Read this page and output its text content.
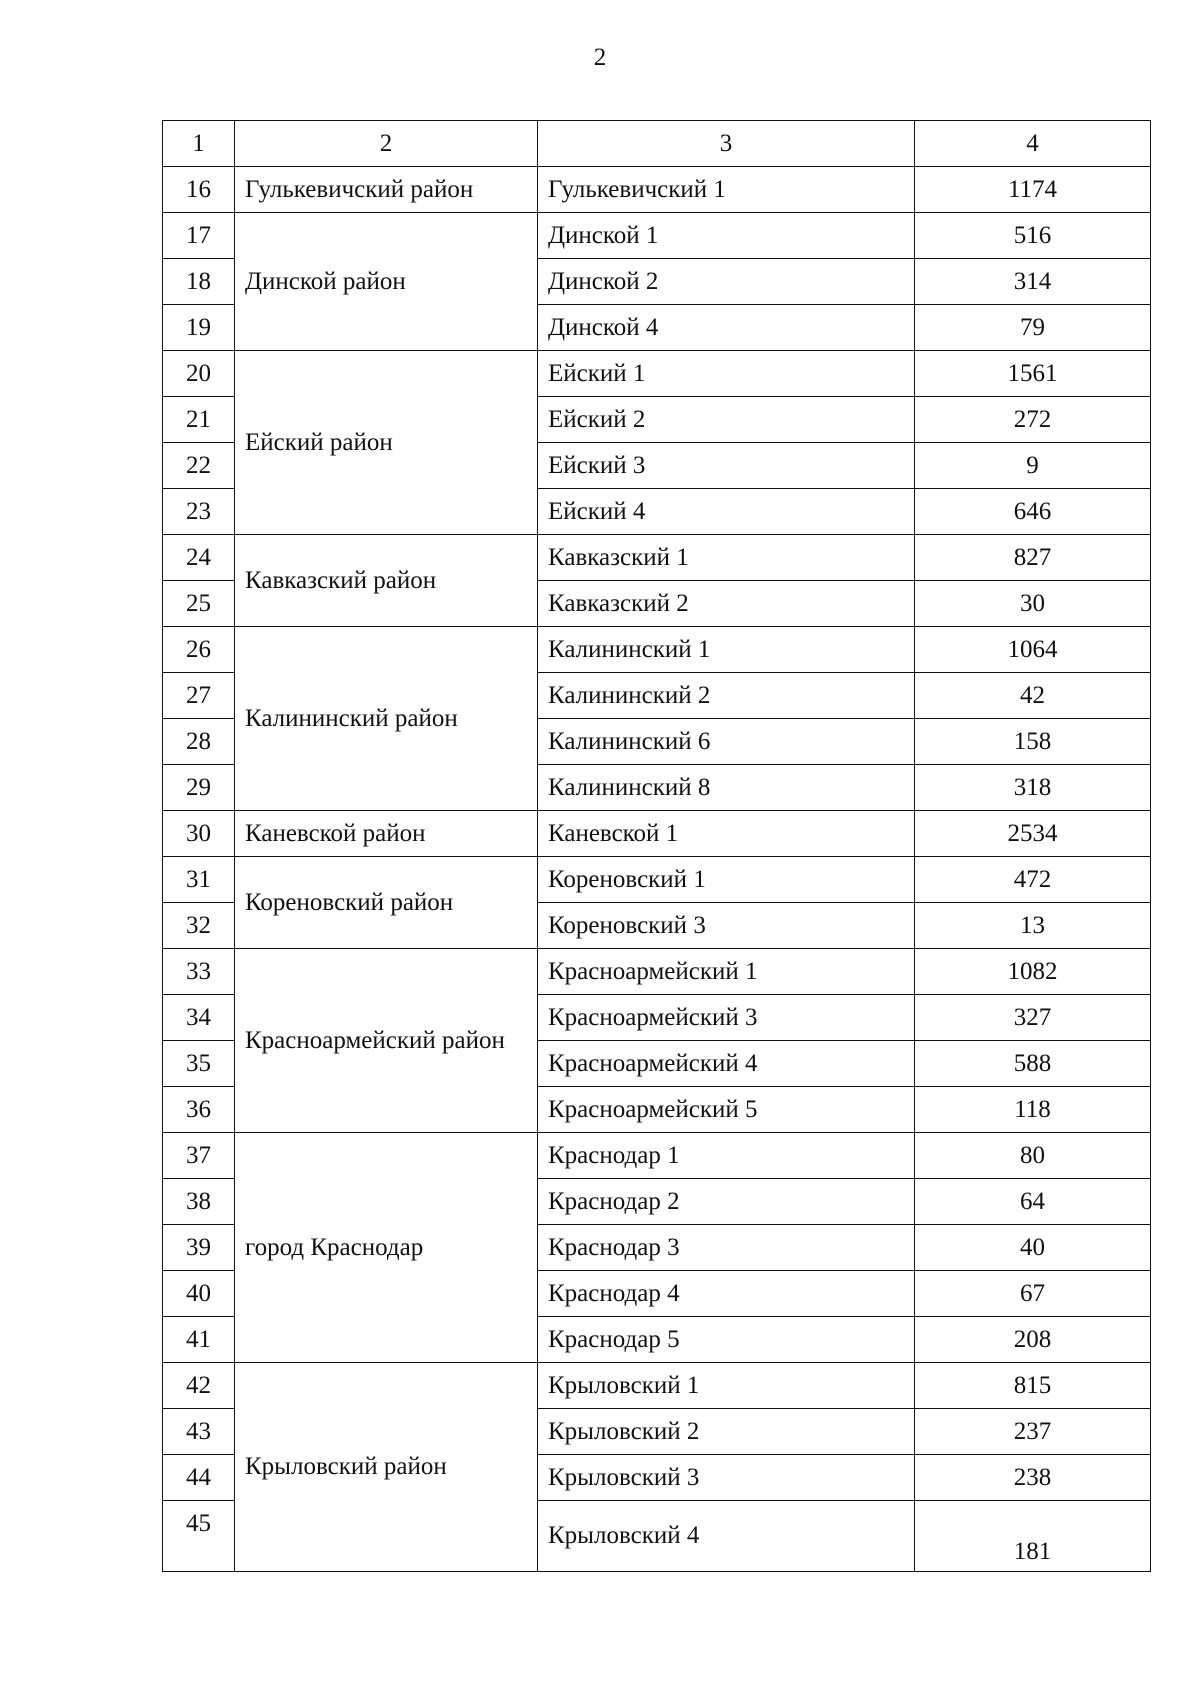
2
1	2	3	4
16	Гулькевичский район	Гулькевичский 1	1174
17	Динской район	Динской 1	516
18		Динской 2	314
19		Динской 4	79
20	Ейский район	Ейский 1	1561
21		Ейский 2	272
22		Ейский 3	9
23		Ейский 4	646
24	Кавказский район	Кавказский 1	827
25		Кавказский 2	30
26	Калининский район	Калининский 1	1064
27		Калининский 2	42
28		Калининский 6	158
29		Калининский 8	318
30	Каневской район	Каневской 1	2534
31	Кореновский район	Кореновский 1	472
32		Кореновский 3	13
33	Красноармейский район	Красноармейский 1	1082
34		Красноармейский 3	327
35		Красноармейский 4	588
36		Красноармейский 5	118
37	город Краснодар	Краснодар 1	80
38		Краснодар 2	64
39		Краснодар 3	40
40		Краснодар 4	67
41		Краснодар 5	208
42	Крыловский район	Крыловский 1	815
43		Крыловский 2	237
44		Крыловский 3	238
45		Крыловский 4	181
